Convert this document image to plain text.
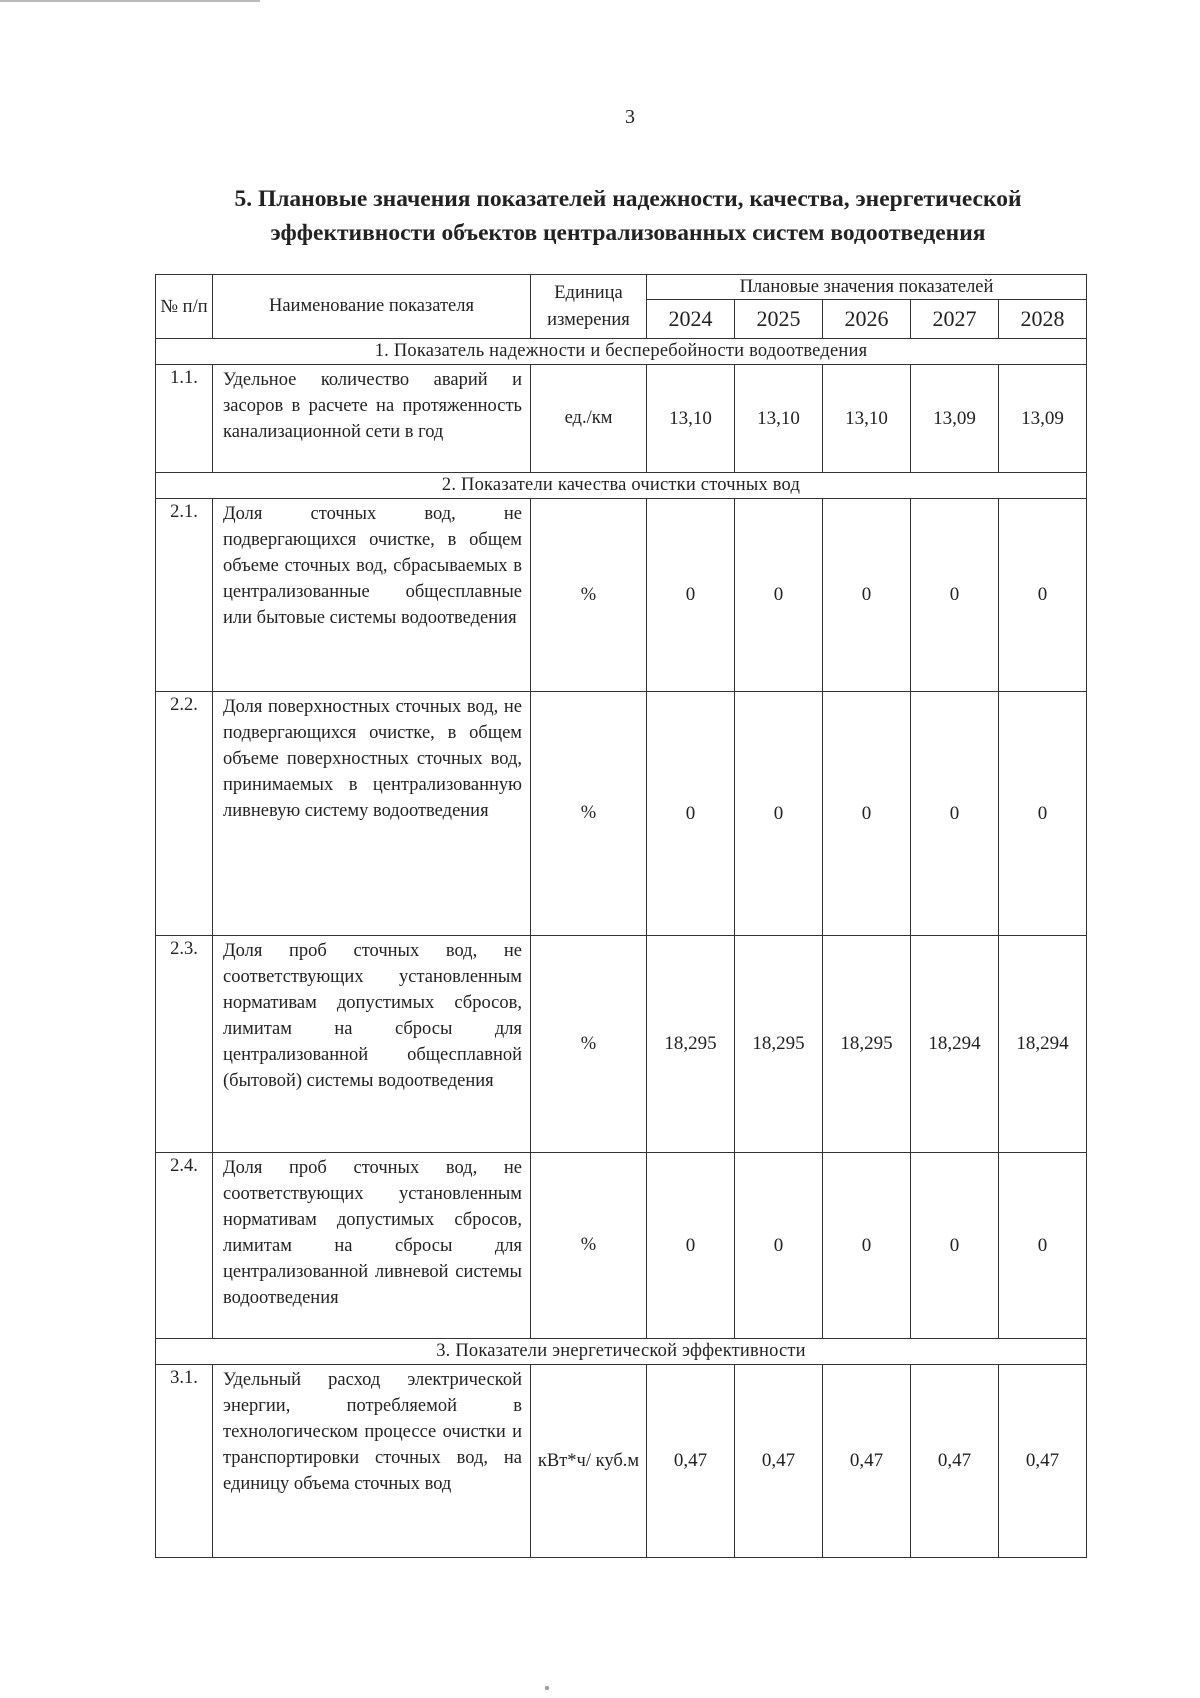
3
5. Плановые значения показателей надежности, качества, энергетической
эффективности объектов централизованных систем водоотведения
№ п/п	Наименование показателя	Единица измерения	Плановые значения показателей				
			2024	2025	2026	2027	2028
1. Показатель надежности и бесперебойности водоотведения							
1.1.	Удельное количество аварий и засоров в расчете на протяженность канализационной сети в год	ед./км	13,10	13,10	13,10	13,09	13,09
2. Показатели качества очистки сточных вод							
2.1.	Доля сточных вод, не подвергающихся очистке, в общем объеме сточных вод, сбрасываемых в централизованные общесплавные или бытовые системы водоотведения	%	0	0	0	0	0
2.2.	Доля поверхностных сточных вод, не подвергающихся очистке, в общем объеме поверхностных сточных вод, принимаемых в централизованную ливневую систему водоотведения	%	0	0	0	0	0
2.3.	Доля проб сточных вод, не соответствующих установленным нормативам допустимых сбросов, лимитам на сбросы для централизованной общесплавной (бытовой) системы водоотведения	%	18,295	18,295	18,295	18,294	18,294
2.4.	Доля проб сточных вод, не соответствующих установленным нормативам допустимых сбросов, лимитам на сбросы для централизованной ливневой системы водоотведения	%	0	0	0	0	0
3. Показатели энергетической эффективности							
3.1.	Удельный расход электрической энергии, потребляемой в технологическом процессе очистки и транспортировки сточных вод, на единицу объема сточных вод	кВт*ч/ куб.м	0,47	0,47	0,47	0,47	0,47
